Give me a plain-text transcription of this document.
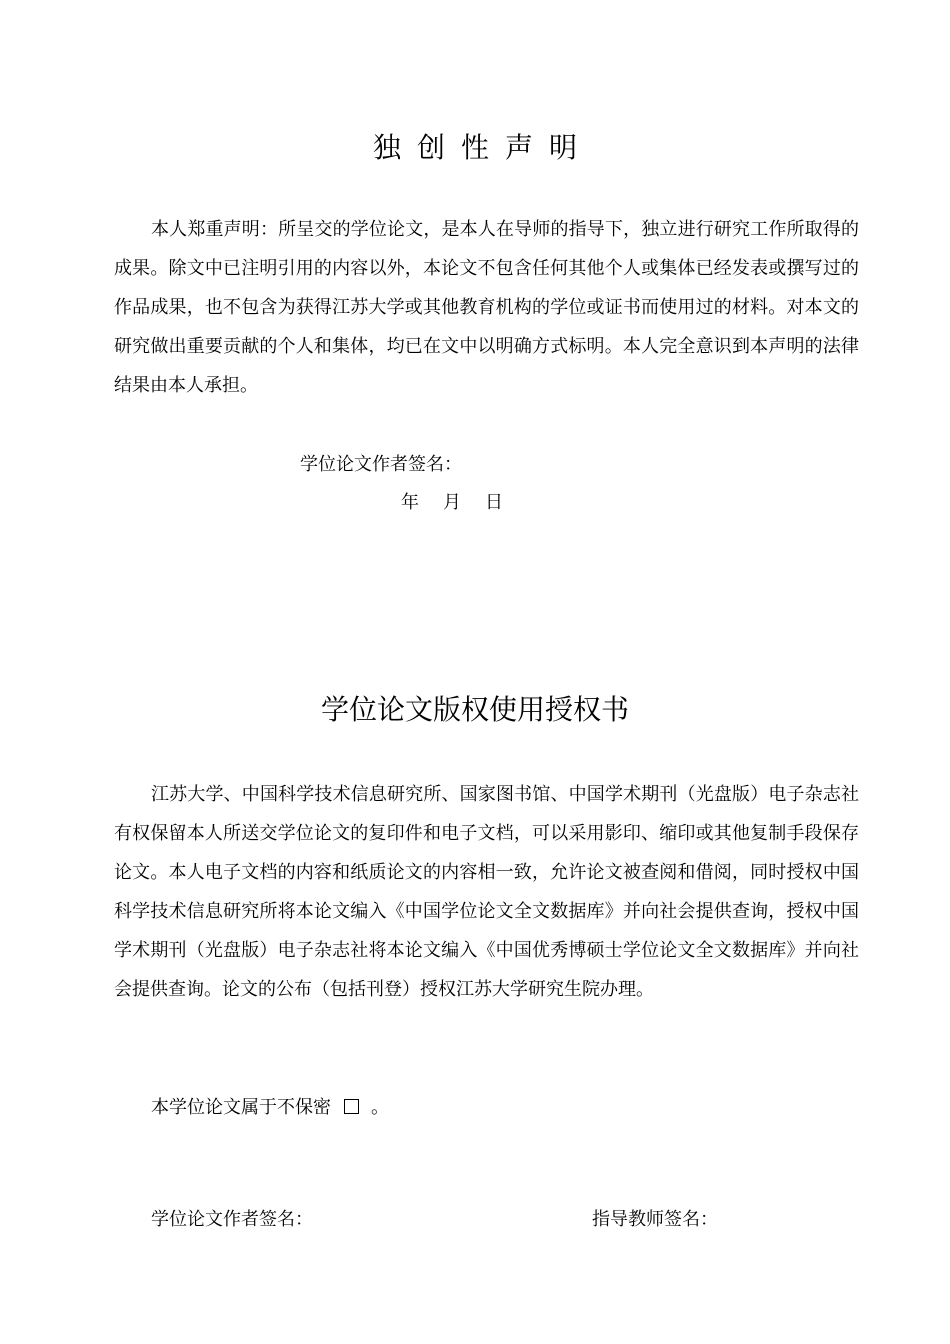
独创性声明

本人郑重声明：所呈交的学位论文，是本人在导师的指导下，独立进行研究工作所取得的成果。除文中已注明引用的内容以外，本论文不包含任何其他个人或集体已经发表或撰写过的作品成果，也不包含为获得江苏大学或其他教育机构的学位或证书而使用过的材料。对本文的研究做出重要贡献的个人和集体，均已在文中以明确方式标明。本人完全意识到本声明的法律结果由本人承担。

学位论文作者签名：
年 月 日
学位论文版权使用授权书

江苏大学、中国科学技术信息研究所、国家图书馆、中国学术期刊（光盘版）电子杂志社有权保留本人所送交学位论文的复印件和电子文档，可以采用影印、缩印或其他复制手段保存论文。本人电子文档的内容和纸质论文的内容相一致，允许论文被查阅和借阅，同时授权中国科学技术信息研究所将本论文编入《中国学位论文全文数据库》并向社会提供查询，授权中国学术期刊（光盘版）电子杂志社将本论文编入《中国优秀博硕士学位论文全文数据库》并向社会提供查询。论文的公布（包括刊登）授权江苏大学研究生院办理。

本学位论文属于不保密 。
学位论文作者签名：	指导教师签名：
